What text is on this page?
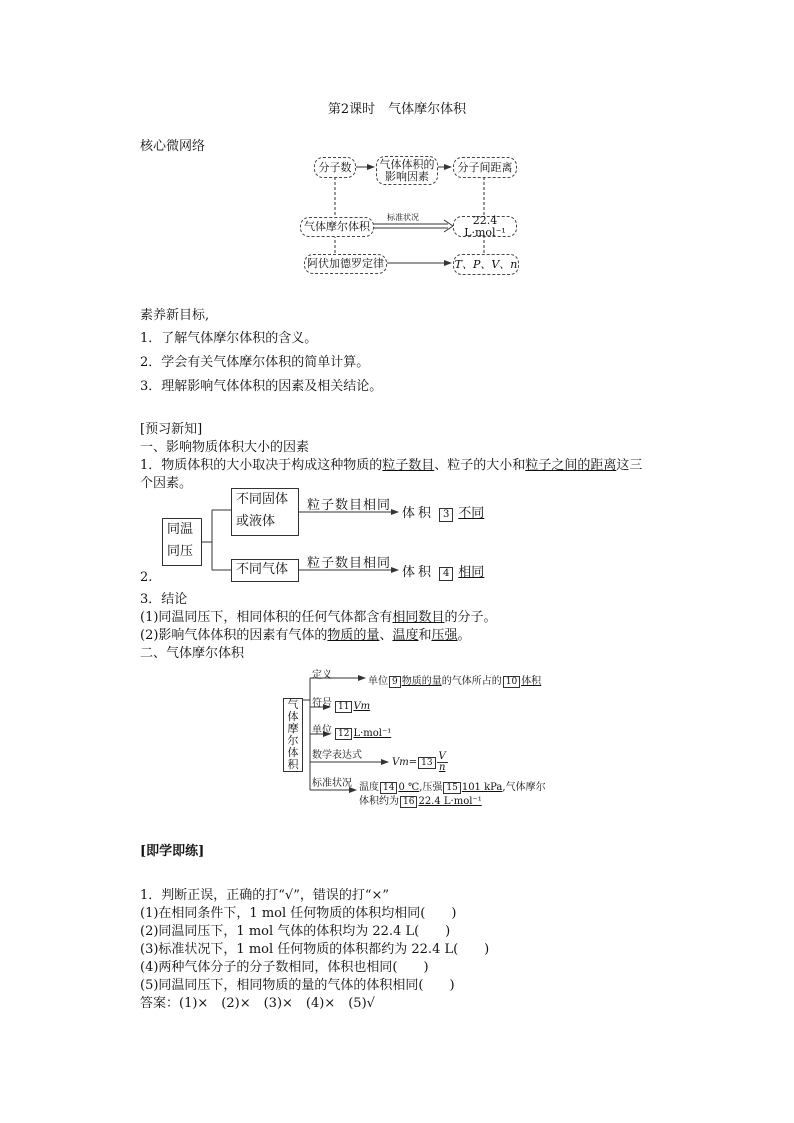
第2课时　气体摩尔体积
核心微网络
分子数	气体体积的
影响因素
分子间距离
气体摩尔体积
标准状况	22.4 L·mol⁻¹
阿伏加德罗定律	T、P、V、n
素养新目标,
1．了解气体摩尔体积的含义。
2．学会有关气体摩尔体积的简单计算。
3．理解影响气体体积的因素及相关结论。
[预习新知]
一、影响物质体积大小的因素
1．物质体积的大小取决于构成这种物质的粒子数目、粒子的大小和粒子之间的距离这三
个因素。
同温
同压
不同固体
或液体
不同气体
粒子数目相同
粒子数目相同
体积 3 不同
体积 4 相同
2.
3．结论
(1)同温同压下，相同体积的任何气体都含有相同数目的分子。
(2)影响气体体积的因素有气体的物质的量、温度和压强。
二、气体摩尔体积
气
体
摩
尔
体
积
定义
单位 9 物质的量的气体所占的 10 体积
符号 11 Vm
单位 12 L·mol⁻¹
数学表达式
$Vm= 13 \frac{V}{n}$
标准状况 温度 14 0 ℃,压强 15 101 kPa,气体摩尔
体积约为 16 22.4 L·mol⁻¹
[即学即练]
1．判断正误，正确的打“√”，错误的打“×”
(1)在相同条件下，1 mol 任何物质的体积均相同(　　)
(2)同温同压下，1 mol 气体的体积均为 22.4 L(　　)
(3)标准状况下，1 mol 任何物质的体积都约为 22.4 L(　　)
(4)两种气体分子的分子数相同，体积也相同(　　)
(5)同温同压下，相同物质的量的气体的体积相同(　　)
答案：(1)×　(2)×　(3)×　(4)×　(5)√
